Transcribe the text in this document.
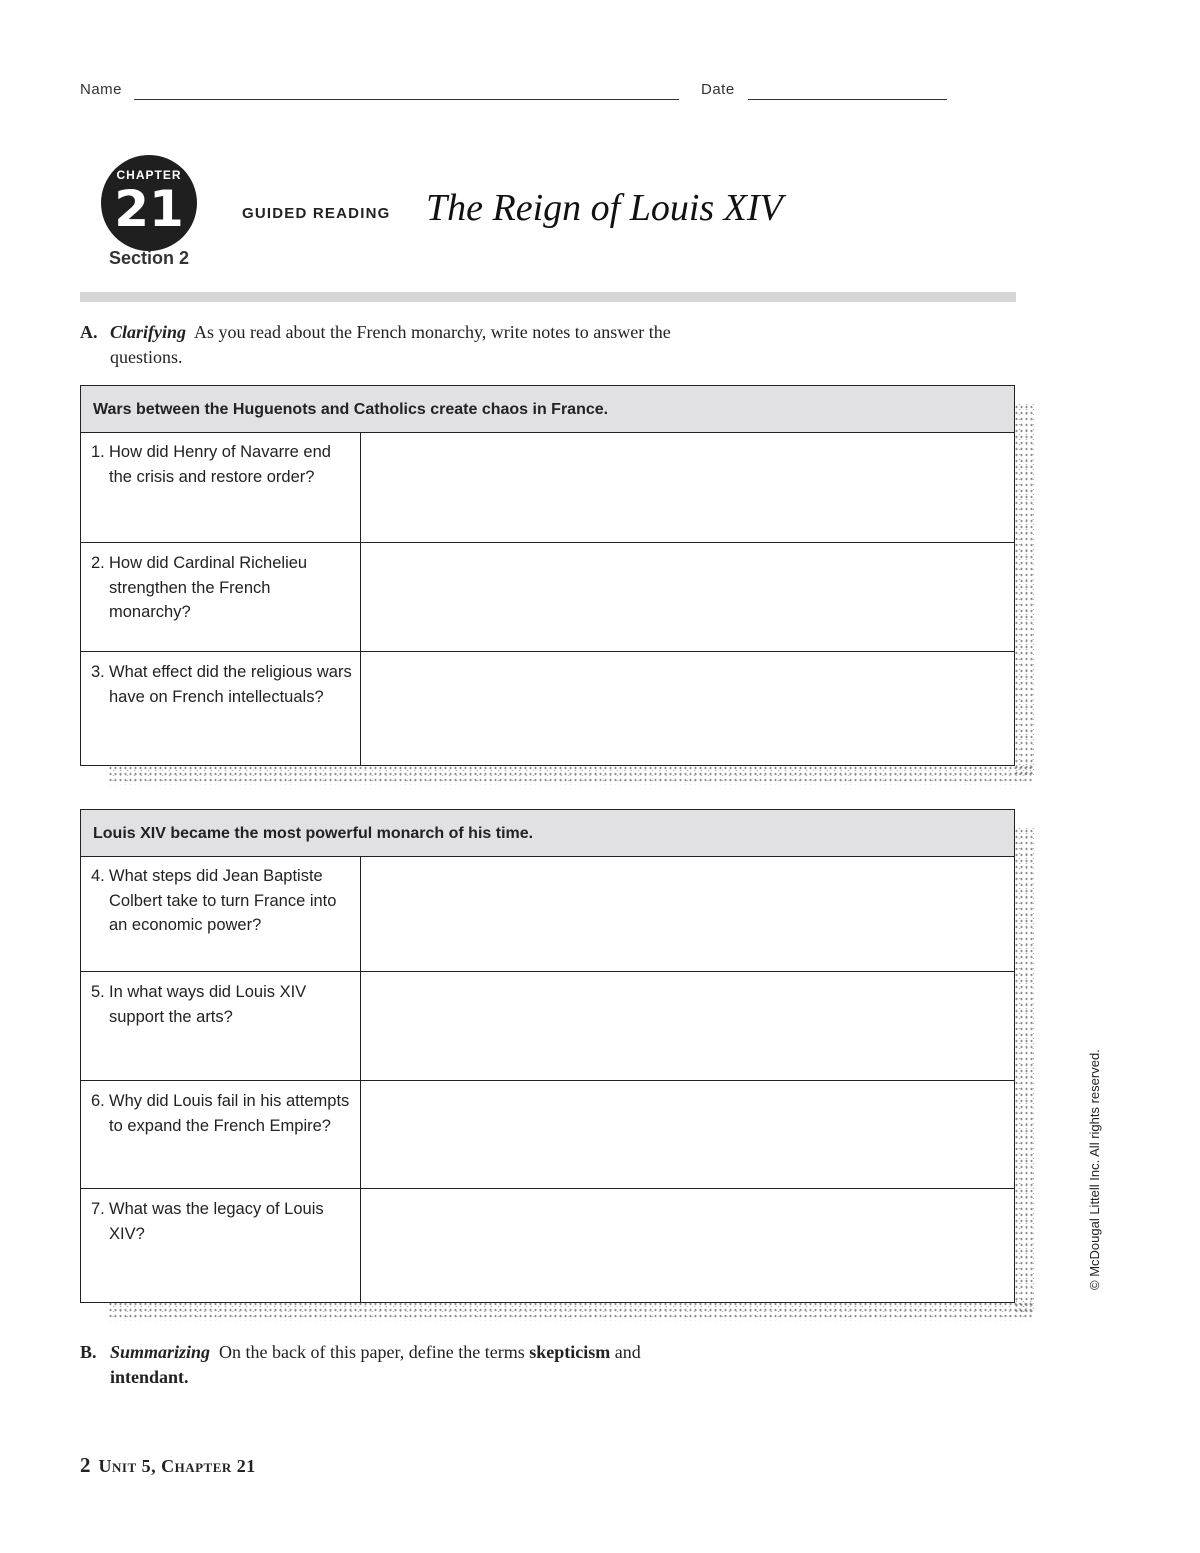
Name	Date
CHAPTER
21
Section 2
GUIDED READING The Reign of Louis XIV
A. Clarifying As you read about the French monarchy, write notes to answer the
questions.
Wars between the Huguenots and Catholics create chaos in France.
1. How did Henry of Navarre end the crisis and restore order?
2. How did Cardinal Richelieu strengthen the French monarchy?
3. What effect did the religious wars have on French intellectuals?
Louis XIV became the most powerful monarch of his time.
4. What steps did Jean Baptiste Colbert take to turn France into an economic power?
5. In what ways did Louis XIV support the arts?
6. Why did Louis fail in his attempts to expand the French Empire?
7. What was the legacy of Louis XIV?
B. Summarizing On the back of this paper, define the terms skepticism and
intendant.
© McDougal Littell Inc. All rights reserved.
2 Unit 5, Chapter 21
